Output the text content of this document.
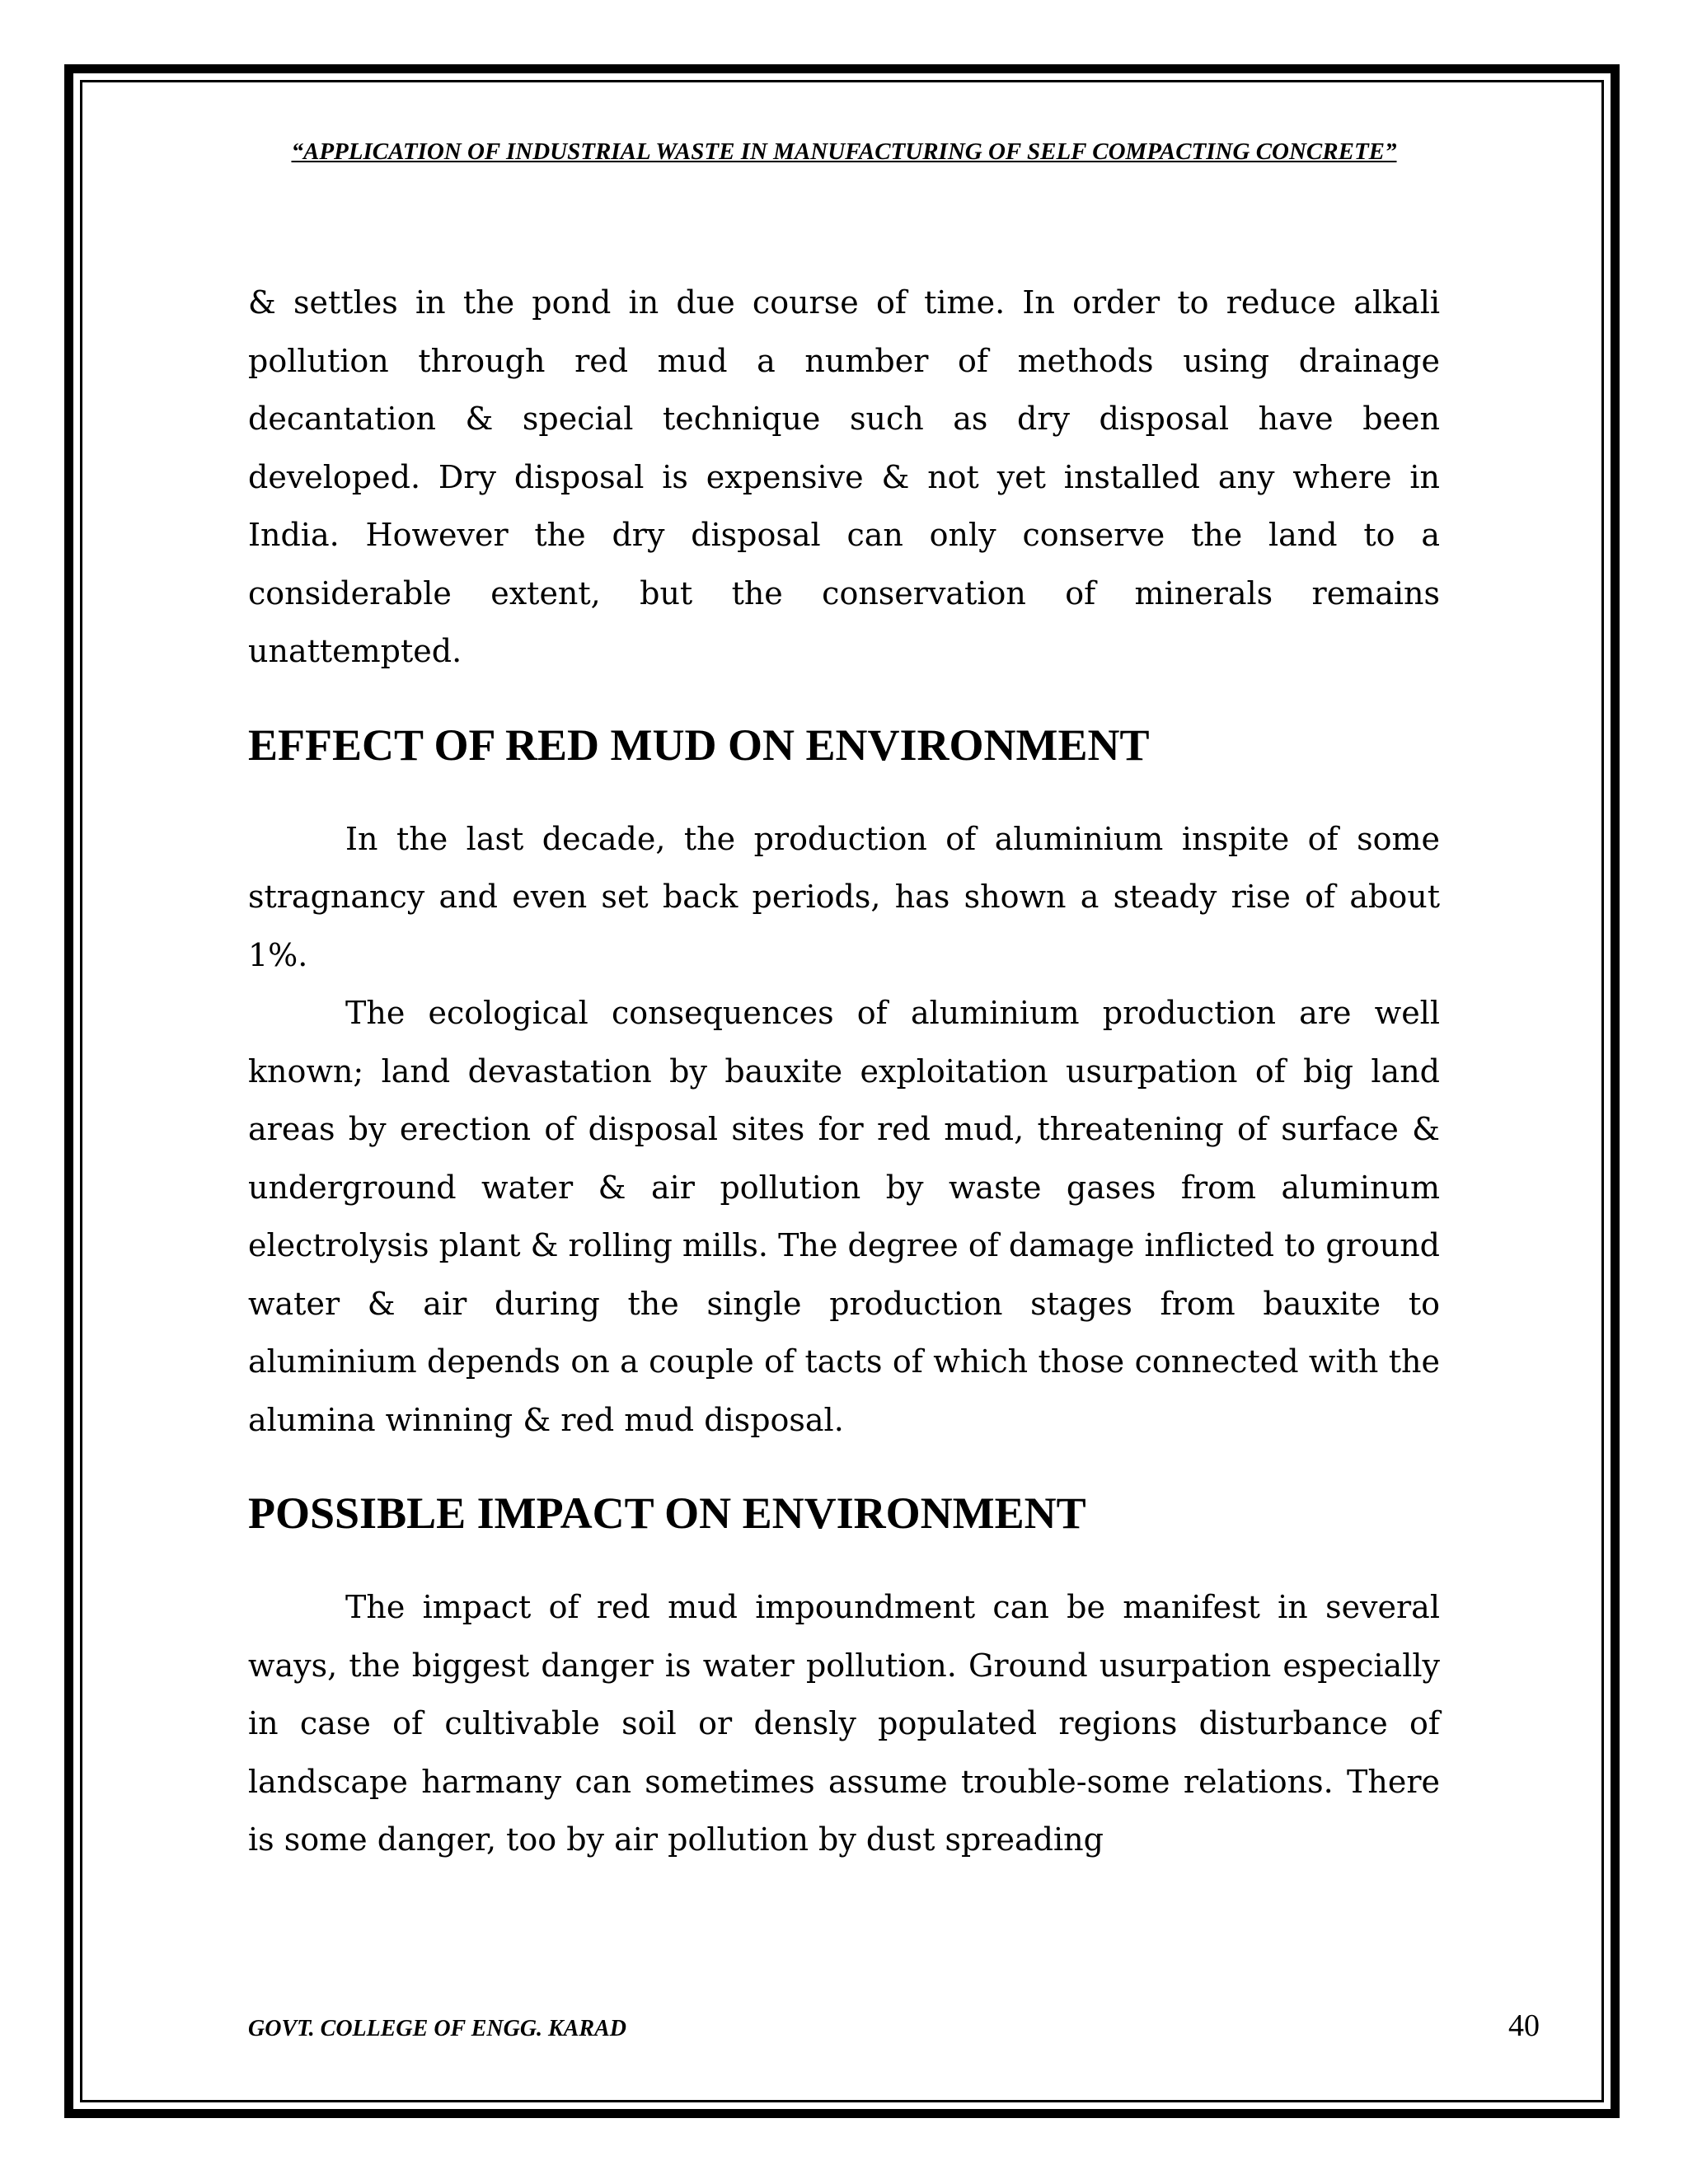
“APPLICATION OF INDUSTRIAL WASTE IN MANUFACTURING OF SELF COMPACTING CONCRETE”

& settles in the pond in due course of time. In order to reduce alkali pollution through red mud a number of methods using drainage decantation & special technique such as dry disposal have been developed. Dry disposal is expensive & not yet installed any where in India. However the dry disposal can only conserve the land to a considerable extent, but the conservation of minerals remains unattempted.

EFFECT OF RED MUD ON ENVIRONMENT

In the last decade, the production of aluminium inspite of some stragnancy and even set back periods, has shown a steady rise of about 1%.

The ecological consequences of aluminium production are well known; land devastation by bauxite exploitation usurpation of big land areas by erection of disposal sites for red mud, threatening of surface & underground water & air pollution by waste gases from aluminum electrolysis plant & rolling mills. The degree of damage inflicted to ground water & air during the single production stages from bauxite to aluminium depends on a couple of tacts of which those connected with the alumina winning & red mud disposal.

POSSIBLE IMPACT ON ENVIRONMENT

The impact of red mud impoundment can be manifest in several ways, the biggest danger is water pollution. Ground usurpation especially in case of cultivable soil or densly populated regions disturbance of landscape harmany can sometimes assume trouble-some relations. There is some danger, too by air pollution by dust spreading

GOVT. COLLEGE OF ENGG. KARAD	40
